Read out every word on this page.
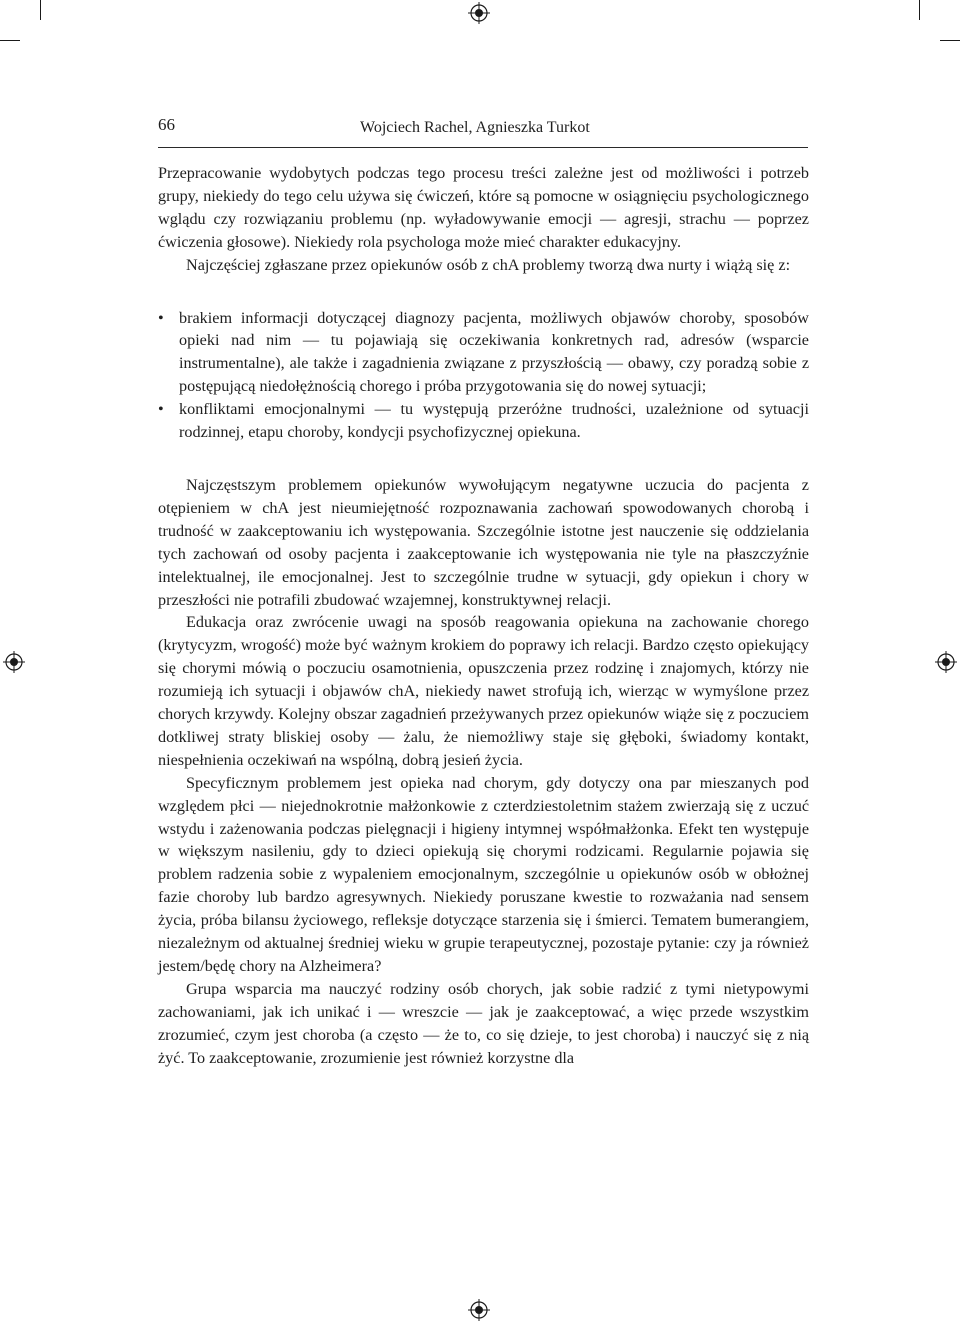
66	Wojciech Rachel, Agnieszka Turkot

Przepracowanie wydobytych podczas tego procesu treści zależne jest od możliwości i potrzeb grupy, niekiedy do tego celu używa się ćwiczeń, które są pomocne w osiągnięciu psychologicznego wglądu czy rozwiązaniu problemu (np. wyładowywanie emocji — agresji, strachu — poprzez ćwiczenia głosowe). Niekiedy rola psychologa może mieć charakter edukacyjny.

Najczęściej zgłaszane przez opiekunów osób z chA problemy tworzą dwa nurty i wiążą się z:

• brakiem informacji dotyczącej diagnozy pacjenta, możliwych objawów choroby, sposobów opieki nad nim — tu pojawiają się oczekiwania konkretnych rad, adresów (wsparcie instrumentalne), ale także i zagadnienia związane z przyszłością — obawy, czy poradzą sobie z postępującą niedołężnością chorego i próba przygotowania się do nowej sytuacji;
• konfliktami emocjonalnymi — tu występują przeróżne trudności, uzależnione od sytuacji rodzinnej, etapu choroby, kondycji psychofizycznej opiekuna.

Najczęstszym problemem opiekunów wywołującym negatywne uczucia do pacjenta z otępieniem w chA jest nieumiejętność rozpoznawania zachowań spowodowanych chorobą i trudność w zaakceptowaniu ich występowania. Szczególnie istotne jest nauczenie się oddzielania tych zachowań od osoby pacjenta i zaakceptowanie ich występowania nie tyle na płaszczyźnie intelektualnej, ile emocjonalnej. Jest to szczególnie trudne w sytuacji, gdy opiekun i chory w przeszłości nie potrafili zbudować wzajemnej, konstruktywnej relacji.

Edukacja oraz zwrócenie uwagi na sposób reagowania opiekuna na zachowanie chorego (krytycyzm, wrogość) może być ważnym krokiem do poprawy ich relacji. Bardzo często opiekujący się chorymi mówią o poczuciu osamotnienia, opuszczenia przez rodzinę i znajomych, którzy nie rozumieją ich sytuacji i objawów chA, niekiedy nawet strofują ich, wierząc w wymyślone przez chorych krzywdy. Kolejny obszar zagadnień przeżywanych przez opiekunów wiąże się z poczuciem dotkliwej straty bliskiej osoby — żalu, że niemożliwy staje się głęboki, świadomy kontakt, niespełnienia oczekiwań na wspólną, dobrą jesień życia.

Specyficznym problemem jest opieka nad chorym, gdy dotyczy ona par mieszanych pod względem płci — niejednokrotnie małżonkowie z czterdziestoletnim stażem zwierzają się z uczuć wstydu i zażenowania podczas pielęgnacji i higieny intymnej współmałżonka. Efekt ten występuje w większym nasileniu, gdy to dzieci opiekują się chorymi rodzicami. Regularnie pojawia się problem radzenia sobie z wypaleniem emocjonalnym, szczególnie u opiekunów osób w obłożnej fazie choroby lub bardzo agresywnych. Niekiedy poruszane kwestie to rozważania nad sensem życia, próba bilansu życiowego, refleksje dotyczące starzenia się i śmierci. Tematem bumerangiem, niezależnym od aktualnej średniej wieku w grupie terapeutycznej, pozostaje pytanie: czy ja również jestem/będę chory na Alzheimera?

Grupa wsparcia ma nauczyć rodziny osób chorych, jak sobie radzić z tymi nietypowymi zachowaniami, jak ich unikać i — wreszcie — jak je zaakceptować, a więc przede wszystkim zrozumieć, czym jest choroba (a często — że to, co się dzieje, to jest choroba) i nauczyć się z nią żyć. To zaakceptowanie, zrozumienie jest również korzystne dla
